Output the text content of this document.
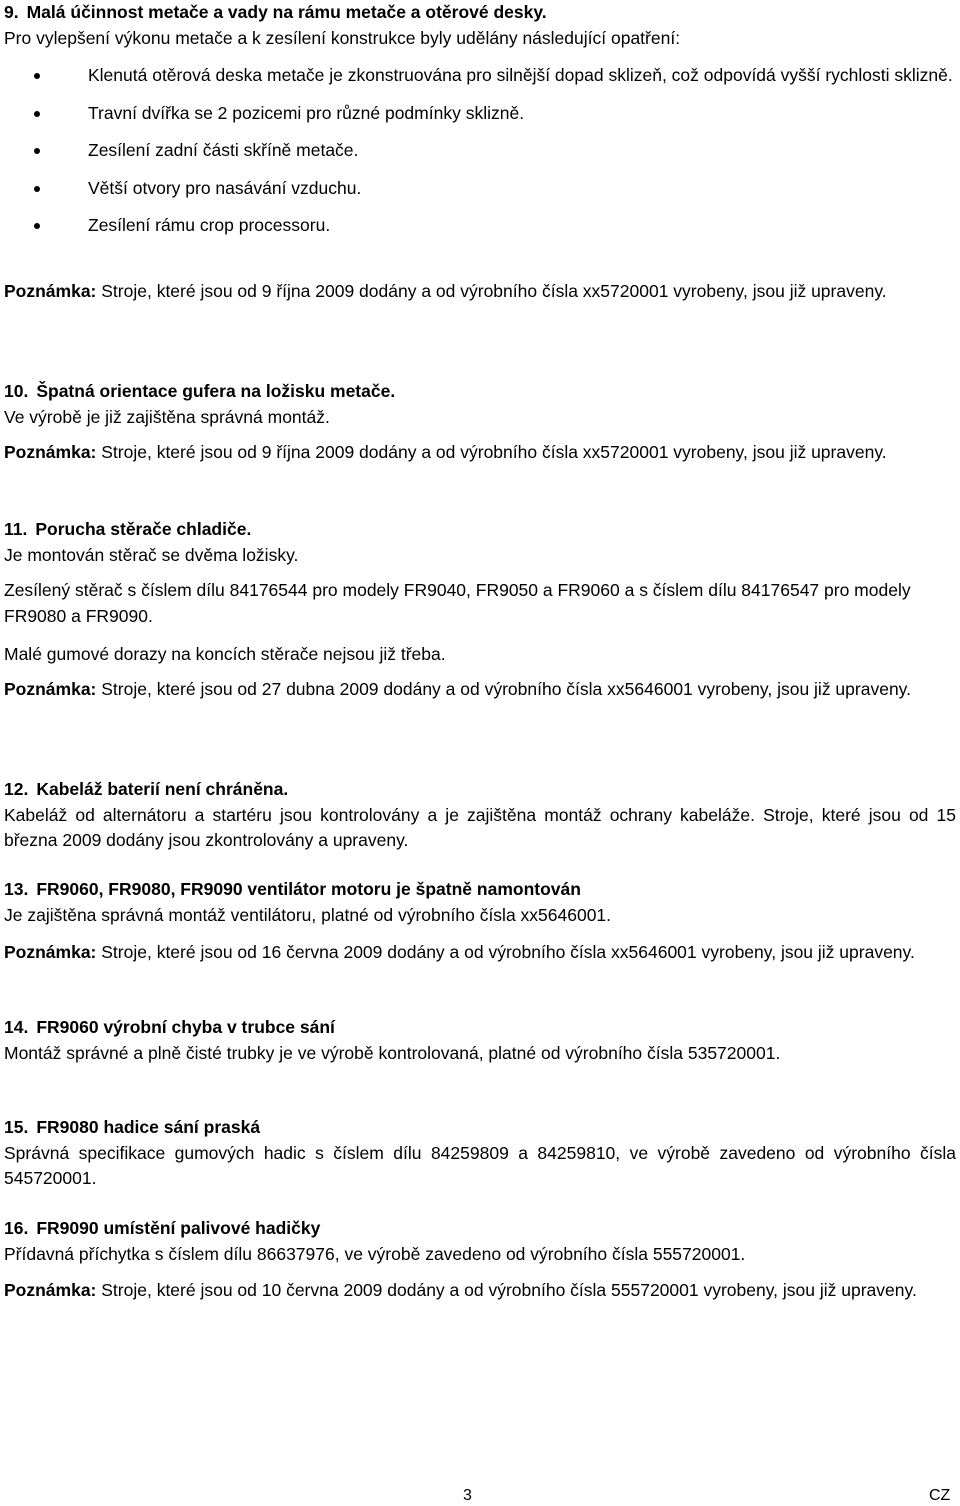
9. Malá účinnost metače a vady na rámu metače a otěrové desky.

Pro vylepšení výkonu metače a k zesílení konstrukce byly udělány následující opatření:

Klenutá otěrová deska metače je zkonstruována pro silnější dopad sklizeň, což odpovídá vyšší rychlosti sklizně.
Travní dvířka se 2 pozicemi pro různé podmínky sklizně.
Zesílení zadní části skříně metače.
Větší otvory pro nasávání vzduchu.
Zesílení rámu crop processoru.

Poznámka: Stroje, které jsou od 9 října 2009 dodány a od výrobního čísla xx5720001 vyrobeny, jsou již upraveny.

10. Špatná orientace gufera na ložisku metače.

Ve výrobě je již zajištěna správná montáž.

Poznámka: Stroje, které jsou od 9 října 2009 dodány a od výrobního čísla xx5720001 vyrobeny, jsou již upraveny.

11. Porucha stěrače chladiče.

Je montován stěrač se dvěma ložisky.

Zesílený stěrač s číslem dílu 84176544 pro modely FR9040, FR9050 a FR9060 a s číslem dílu 84176547 pro modely FR9080 a FR9090.

Malé gumové dorazy na koncích stěrače nejsou již třeba.

Poznámka: Stroje, které jsou od 27 dubna 2009 dodány a od výrobního čísla xx5646001 vyrobeny, jsou již upraveny.

12. Kabeláž baterií není chráněna.

Kabeláž od alternátoru a startéru jsou kontrolovány a je zajištěna montáž ochrany kabeláže. Stroje, které jsou od 15 března 2009 dodány jsou zkontrolovány a upraveny.

13. FR9060, FR9080, FR9090 ventilátor motoru je špatně namontován

Je zajištěna správná montáž ventilátoru, platné od výrobního čísla xx5646001.

Poznámka: Stroje, které jsou od 16 června 2009 dodány a od výrobního čísla xx5646001 vyrobeny, jsou již upraveny.

14. FR9060 výrobní chyba v trubce sání

Montáž správné a plně čisté trubky je ve výrobě kontrolovaná, platné od výrobního čísla 535720001.

15. FR9080 hadice sání praská

Správná specifikace gumových hadic s číslem dílu 84259809 a 84259810, ve výrobě zavedeno od výrobního čísla 545720001.

16. FR9090 umístění palivové hadičky

Přídavná příchytka s číslem dílu 86637976, ve výrobě zavedeno od výrobního čísla 555720001.

Poznámka: Stroje, které jsou od 10 června 2009 dodány a od výrobního čísla 555720001 vyrobeny, jsou již upraveny.

3	CZ
